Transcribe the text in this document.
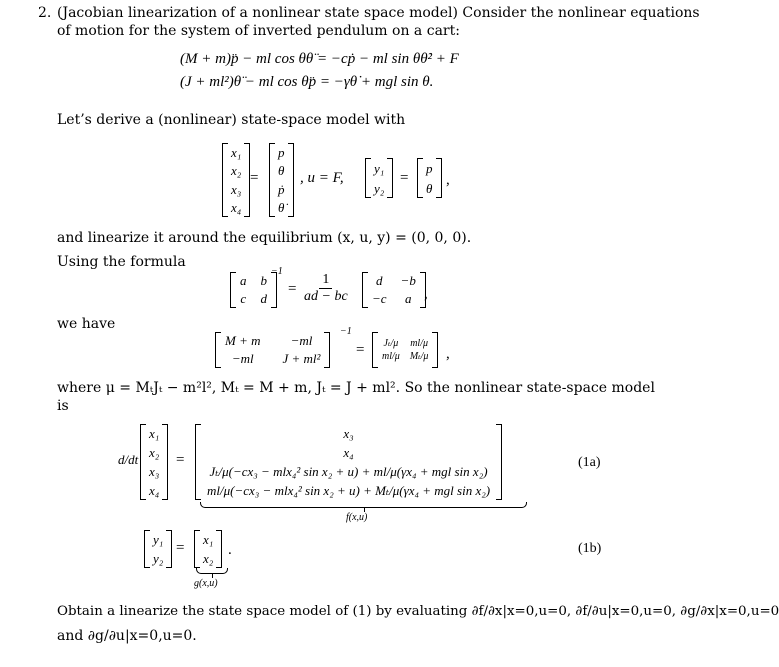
2. (Jacobian linearization of a nonlinear state space model) Consider the nonlinear equations
of motion for the system of inverted pendulum on a cart:
(M + m)p̈ − ml cos θθ̈ = −cṗ − ml sin θθ̇² + F
(J + ml²)θ̈ − ml cos θp̈ = −γθ̇ + mgl sin θ.
Let’s derive a (nonlinear) state-space model with
x₁
x₂
x₃
x₄
=
p
θ
ṗ
θ̇
, u = F,
y₁
y₂
=
p
θ ,
and linearize it around the equilibrium (x, u, y) = (0, 0, 0).
Using the formula
a b
c d
−1
= $\frac{1}{ad - bc}$	d	−b
−c	a ,
we have
M + m	−ml
−ml	J + ml²
−1
= Jₜ/μ ml/μ
ml/μ Mₜ/μ ,
where μ = MₜJₜ − m²l², Mₜ = M + m, Jₜ = J + ml². So the nonlinear state-space model
is
d/dt
x₁
x₂
x₃
x₄
=
x₃
x₄
Jₜ/μ(−cx₃ − mlx₄² sin x₂ + u) + ml/μ(γx₄ + mgl sin x₂)
ml/μ(−cx₃ − mlx₄² sin x₂ + u) + Mₜ/μ(γx₄ + mgl sin x₂)
f(x,u)
(1a)
y₁
y₂
=
x₁
x₂
.
g(x,u)
(1b)
Obtain a linearize the state space model of (1) by evaluating ∂f/∂x|x=0,u=0, ∂f/∂u|x=0,u=0, ∂g/∂x|x=0,u=0
and ∂g/∂u|x=0,u=0.
